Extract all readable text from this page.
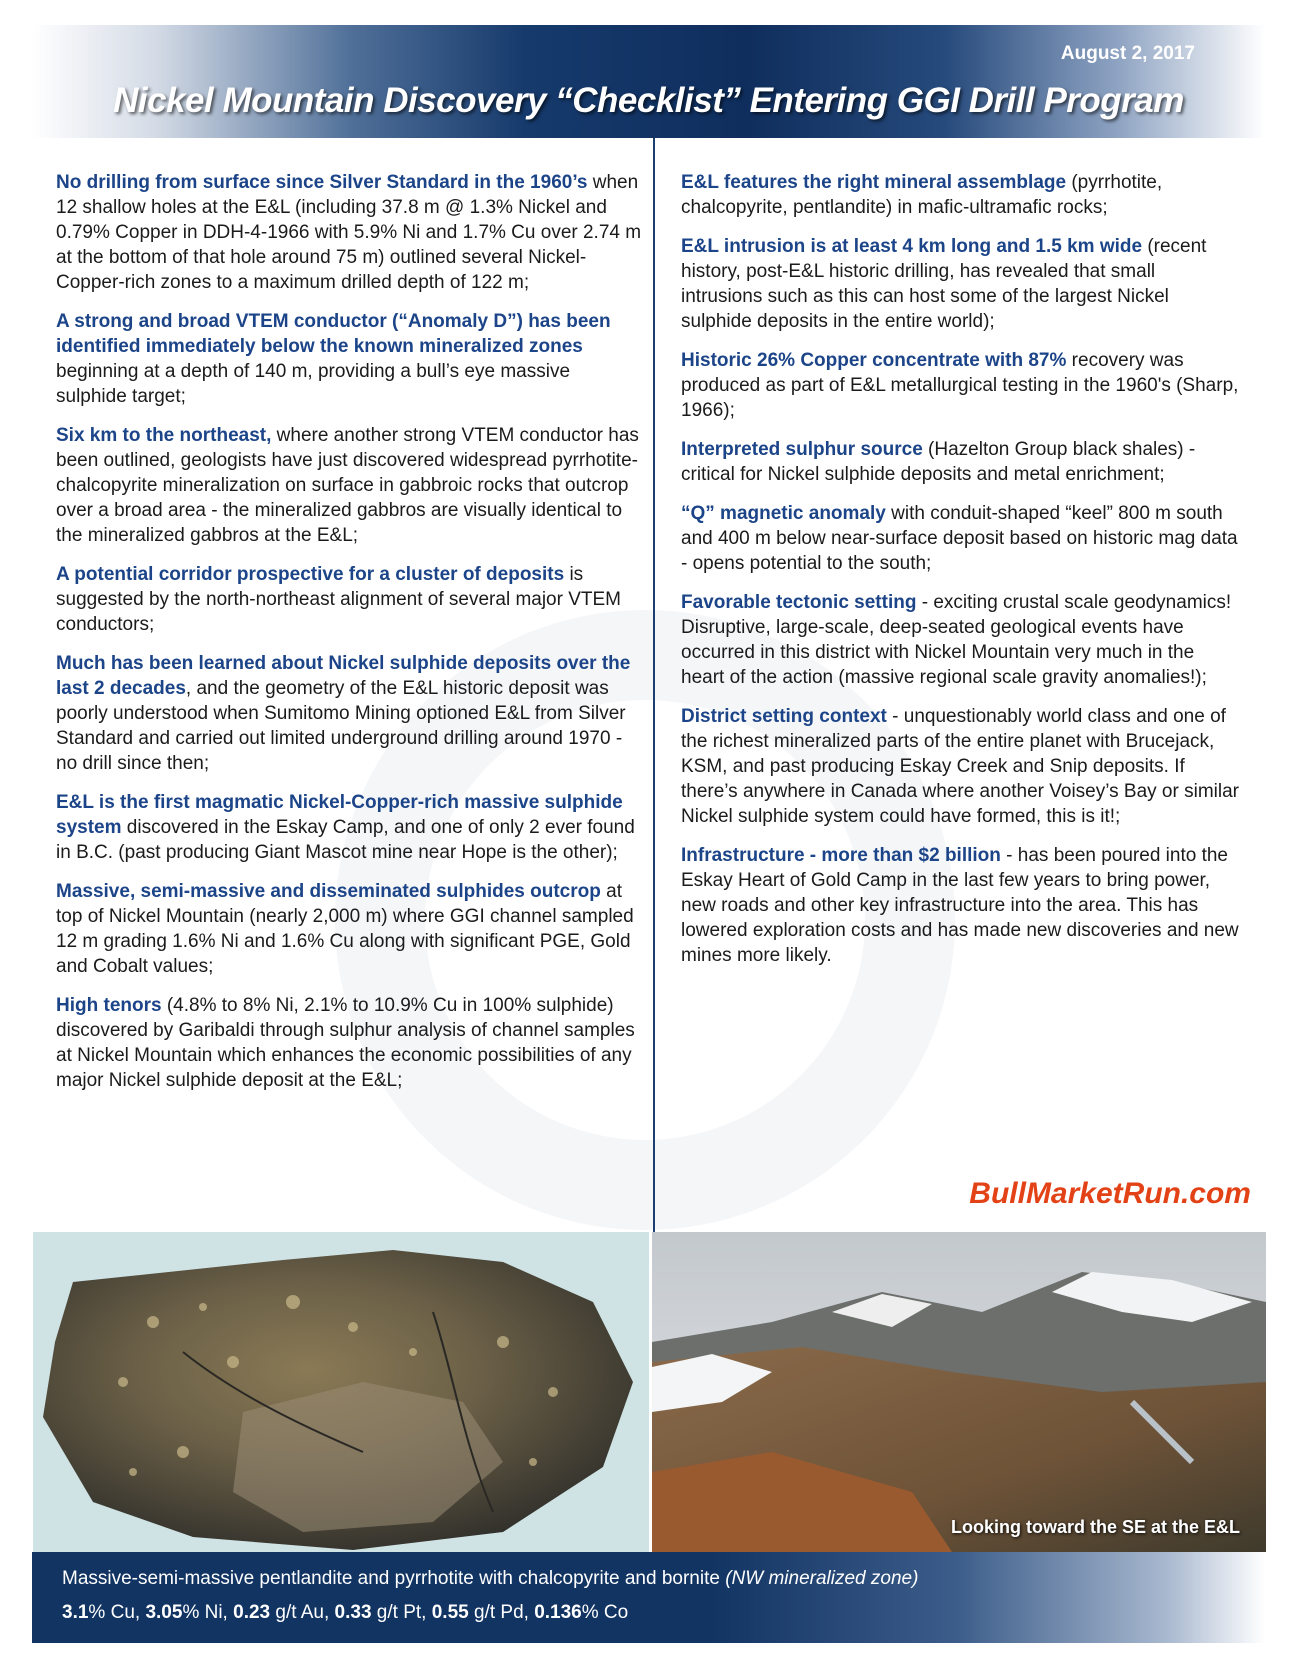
August 2, 2017
Nickel Mountain Discovery “Checklist” Entering GGI Drill Program

No drilling from surface since Silver Standard in the 1960’s when 12 shallow holes at the E&L (including 37.8 m @ 1.3% Nickel and 0.79% Copper in DDH-4-1966 with 5.9% Ni and 1.7% Cu over 2.74 m at the bottom of that hole around 75 m) outlined several Nickel-Copper-rich zones to a maximum drilled depth of 122 m;

A strong and broad VTEM conductor (“Anomaly D”) has been identified immediately below the known mineralized zones beginning at a depth of 140 m, providing a bull’s eye massive sulphide target;

Six km to the northeast, where another strong VTEM conductor has been outlined, geologists have just discovered widespread pyrrhotite-chalcopyrite mineralization on surface in gabbroic rocks that outcrop over a broad area - the mineralized gabbros are visually identical to the mineralized gabbros at the E&L;

A potential corridor prospective for a cluster of deposits is suggested by the north-northeast alignment of several major VTEM conductors;

Much has been learned about Nickel sulphide deposits over the last 2 decades, and the geometry of the E&L historic deposit was poorly understood when Sumitomo Mining optioned E&L from Silver Standard and carried out limited underground drilling around 1970 - no drill since then;

E&L is the first magmatic Nickel-Copper-rich massive sulphide system discovered in the Eskay Camp, and one of only 2 ever found in B.C. (past producing Giant Mascot mine near Hope is the other);

Massive, semi-massive and disseminated sulphides outcrop at top of Nickel Mountain (nearly 2,000 m) where GGI channel sampled 12 m grading 1.6% Ni and 1.6% Cu along with significant PGE, Gold and Cobalt values;

High tenors (4.8% to 8% Ni, 2.1% to 10.9% Cu in 100% sulphide) discovered by Garibaldi through sulphur analysis of channel samples at Nickel Mountain which enhances the economic possibilities of any major Nickel sulphide deposit at the E&L;

E&L features the right mineral assemblage (pyrrhotite, chalcopyrite, pentlandite) in mafic-ultramafic rocks;

E&L intrusion is at least 4 km long and 1.5 km wide (recent history, post-E&L historic drilling, has revealed that small intrusions such as this can host some of the largest Nickel sulphide deposits in the entire world);

Historic 26% Copper concentrate with 87% recovery was produced as part of E&L metallurgical testing in the 1960's (Sharp, 1966);

Interpreted sulphur source (Hazelton Group black shales) - critical for Nickel sulphide deposits and metal enrichment;

“Q” magnetic anomaly with conduit-shaped “keel” 800 m south and 400 m below near-surface deposit based on historic mag data - opens potential to the south;

Favorable tectonic setting - exciting crustal scale geodynamics! Disruptive, large-scale, deep-seated geological events have occurred in this district with Nickel Mountain very much in the heart of the action (massive regional scale gravity anomalies!);

District setting context - unquestionably world class and one of the richest mineralized parts of the entire planet with Brucejack, KSM, and past producing Eskay Creek and Snip deposits. If there’s anywhere in Canada where another Voisey’s Bay or similar Nickel sulphide system could have formed, this is it!;

Infrastructure - more than $2 billion - has been poured into the Eskay Heart of Gold Camp in the last few years to bring power, new roads and other key infrastructure into the area. This has lowered exploration costs and has made new discoveries and new mines more likely.

BullMarketRun.com
Looking toward the SE at the E&L
Massive-semi-massive pentlandite and pyrrhotite with chalcopyrite and bornite (NW mineralized zone)
3.1% Cu, 3.05% Ni, 0.23 g/t Au, 0.33 g/t Pt, 0.55 g/t Pd, 0.136% Co
